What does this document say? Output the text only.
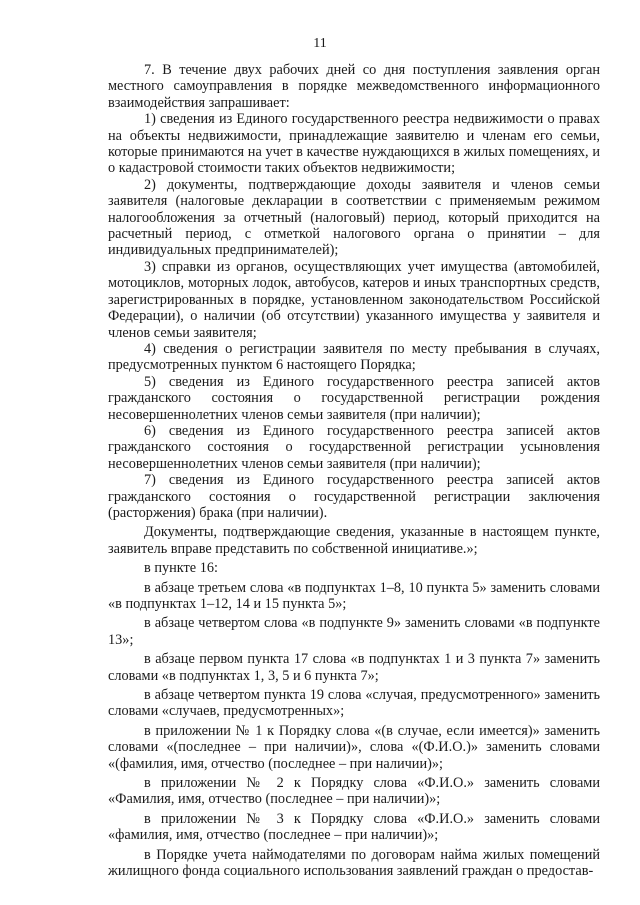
11

7. В течение двух рабочих дней со дня поступления заявления орган местного самоуправления в порядке межведомственного информационного взаимодействия запрашивает:

1) сведения из Единого государственного реестра недвижимости о правах на объекты недвижимости, принадлежащие заявителю и членам его семьи, которые принимаются на учет в качестве нуждающихся в жилых помещениях, и о кадастровой стоимости таких объектов недвижимости;

2) документы, подтверждающие доходы заявителя и членов семьи заявителя (налоговые декларации в соответствии с применяемым режимом налогообложения за отчетный (налоговый) период, который приходится на расчетный период, с отметкой налогового органа о принятии – для индивидуальных предпринимателей);

3) справки из органов, осуществляющих учет имущества (автомобилей, мотоциклов, моторных лодок, автобусов, катеров и иных транспортных средств, зарегистрированных в порядке, установленном законодательством Российской Федерации), о наличии (об отсутствии) указанного имущества у заявителя и членов семьи заявителя;

4) сведения о регистрации заявителя по месту пребывания в случаях, предусмотренных пунктом 6 настоящего Порядка;

5) сведения из Единого государственного реестра записей актов гражданского состояния о государственной регистрации рождения несовершеннолетних членов семьи заявителя (при наличии);

6) сведения из Единого государственного реестра записей актов гражданского состояния о государственной регистрации усыновления несовершеннолетних членов семьи заявителя (при наличии);

7) сведения из Единого государственного реестра записей актов гражданского состояния о государственной регистрации заключения (расторжения) брака (при наличии).

Документы, подтверждающие сведения, указанные в настоящем пункте, заявитель вправе представить по собственной инициативе.»;

в пункте 16:

в абзаце третьем слова «в подпунктах 1–8, 10 пункта 5» заменить словами «в подпунктах 1–12, 14 и 15 пункта 5»;

в абзаце четвертом слова «в подпункте 9» заменить словами «в подпункте 13»;

в абзаце первом пункта 17 слова «в подпунктах 1 и 3 пункта 7» заменить словами «в подпунктах 1, 3, 5 и 6 пункта 7»;

в абзаце четвертом пункта 19 слова «случая, предусмотренного» заменить словами «случаев, предусмотренных»;

в приложении № 1 к Порядку слова «(в случае, если имеется)» заменить словами «(последнее – при наличии)», слова «(Ф.И.О.)» заменить словами «(фамилия, имя, отчество (последнее – при наличии)»;

в приложении № 2 к Порядку слова «Ф.И.О.» заменить словами «Фамилия, имя, отчество (последнее – при наличии)»;

в приложении № 3 к Порядку слова «Ф.И.О.» заменить словами «фамилия, имя, отчество (последнее – при наличии)»;

в Порядке учета наймодателями по договорам найма жилых помещений жилищного фонда социального использования заявлений граждан о предостав-
